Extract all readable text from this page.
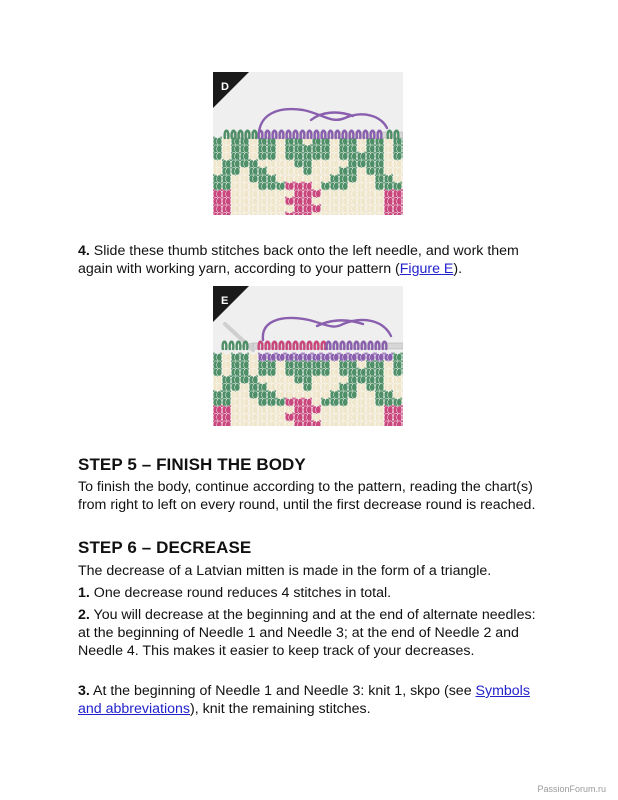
D

4. Slide these thumb stitches back onto the left needle, and work them again with working yarn, according to your pattern (Figure E).

E
STEP 5 – FINISH THE BODY

To finish the body, continue according to the pattern, reading the chart(s) from right to left on every round, until the first decrease round is reached.

STEP 6 – DECREASE

The decrease of a Latvian mitten is made in the form of a triangle.

1. One decrease round reduces 4 stitches in total.

2. You will decrease at the beginning and at the end of alternate needles: at the beginning of Needle 1 and Needle 3; at the end of Needle 2 and Needle 4. This makes it easier to keep track of your decreases.

3. At the beginning of Needle 1 and Needle 3: knit 1, skpo (see Symbols and abbreviations), knit the remaining stitches.

PassionForum.ru
